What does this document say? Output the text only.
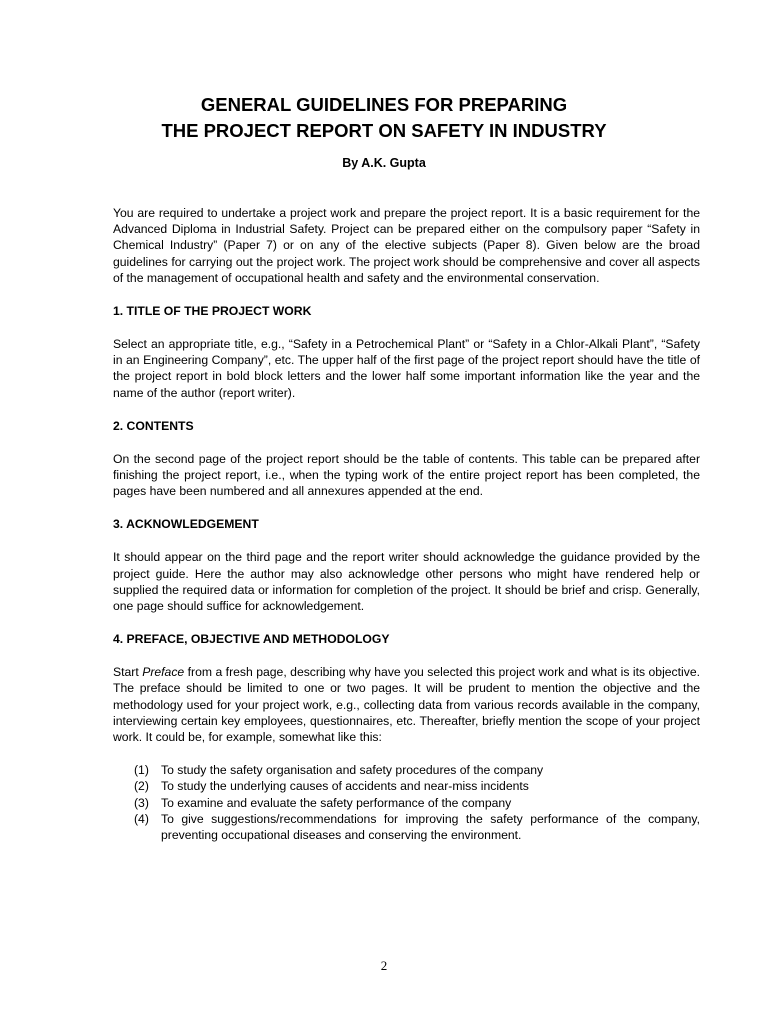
GENERAL GUIDELINES FOR PREPARING
THE PROJECT REPORT ON SAFETY IN INDUSTRY
By A.K. Gupta

You are required to undertake a project work and prepare the project report. It is a basic requirement for the Advanced Diploma in Industrial Safety. Project can be prepared either on the compulsory paper “Safety in Chemical Industry” (Paper 7) or on any of the elective subjects (Paper 8). Given below are the broad guidelines for carrying out the project work. The project work should be comprehensive and cover all aspects of the management of occupational health and safety and the environmental conservation.

1. TITLE OF THE PROJECT WORK

Select an appropriate title, e.g., “Safety in a Petrochemical Plant” or “Safety in a Chlor-Alkali Plant”, “Safety in an Engineering Company”, etc. The upper half of the first page of the project report should have the title of the project report in bold block letters and the lower half some important information like the year and the name of the author (report writer).

2. CONTENTS

On the second page of the project report should be the table of contents. This table can be prepared after finishing the project report, i.e., when the typing work of the entire project report has been completed, the pages have been numbered and all annexures appended at the end.

3. ACKNOWLEDGEMENT

It should appear on the third page and the report writer should acknowledge the guidance provided by the project guide. Here the author may also acknowledge other persons who might have rendered help or supplied the required data or information for completion of the project. It should be brief and crisp. Generally, one page should suffice for acknowledgement.

4. PREFACE, OBJECTIVE AND METHODOLOGY

Start Preface from a fresh page, describing why have you selected this project work and what is its objective. The preface should be limited to one or two pages. It will be prudent to mention the objective and the methodology used for your project work, e.g., collecting data from various records available in the company, interviewing certain key employees, questionnaires, etc. Thereafter, briefly mention the scope of your project work. It could be, for example, somewhat like this:

(1) To study the safety organisation and safety procedures of the company
(2) To study the underlying causes of accidents and near-miss incidents
(3) To examine and evaluate the safety performance of the company
(4) To give suggestions/recommendations for improving the safety performance of the company, preventing occupational diseases and conserving the environment.
2
